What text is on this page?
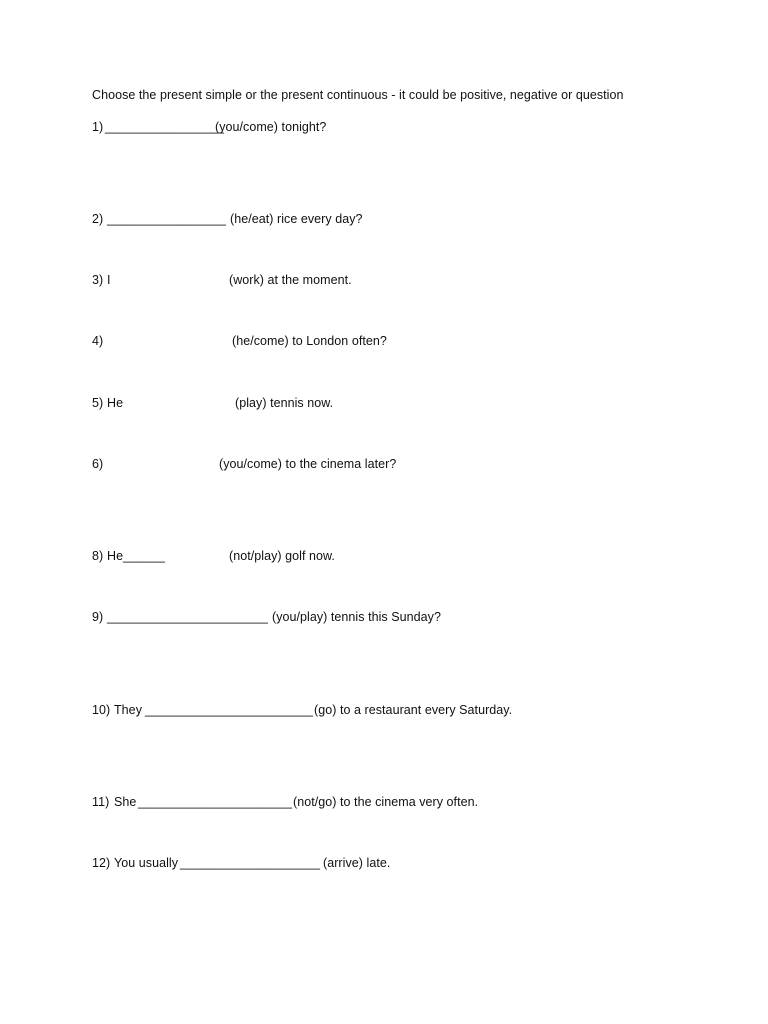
Choose the present simple or the present continuous - it could be positive, negative or question

1) _________________
(you/come) tonight?

2) _________________ (he/eat) rice every day?

3) I	(work) at the moment.

4)	(he/come) to London often?

5) He	(play) tennis now.

6)	(you/come) to the cinema later?

8) He ______	(not/play) golf now.

9) _______________________ (you/play) tennis this Sunday?

10) They ________________________ (go) to a restaurant every Saturday.

11) She ______________________ (not/go) to the cinema very often.

12) You usually ____________________ (arrive) late.
